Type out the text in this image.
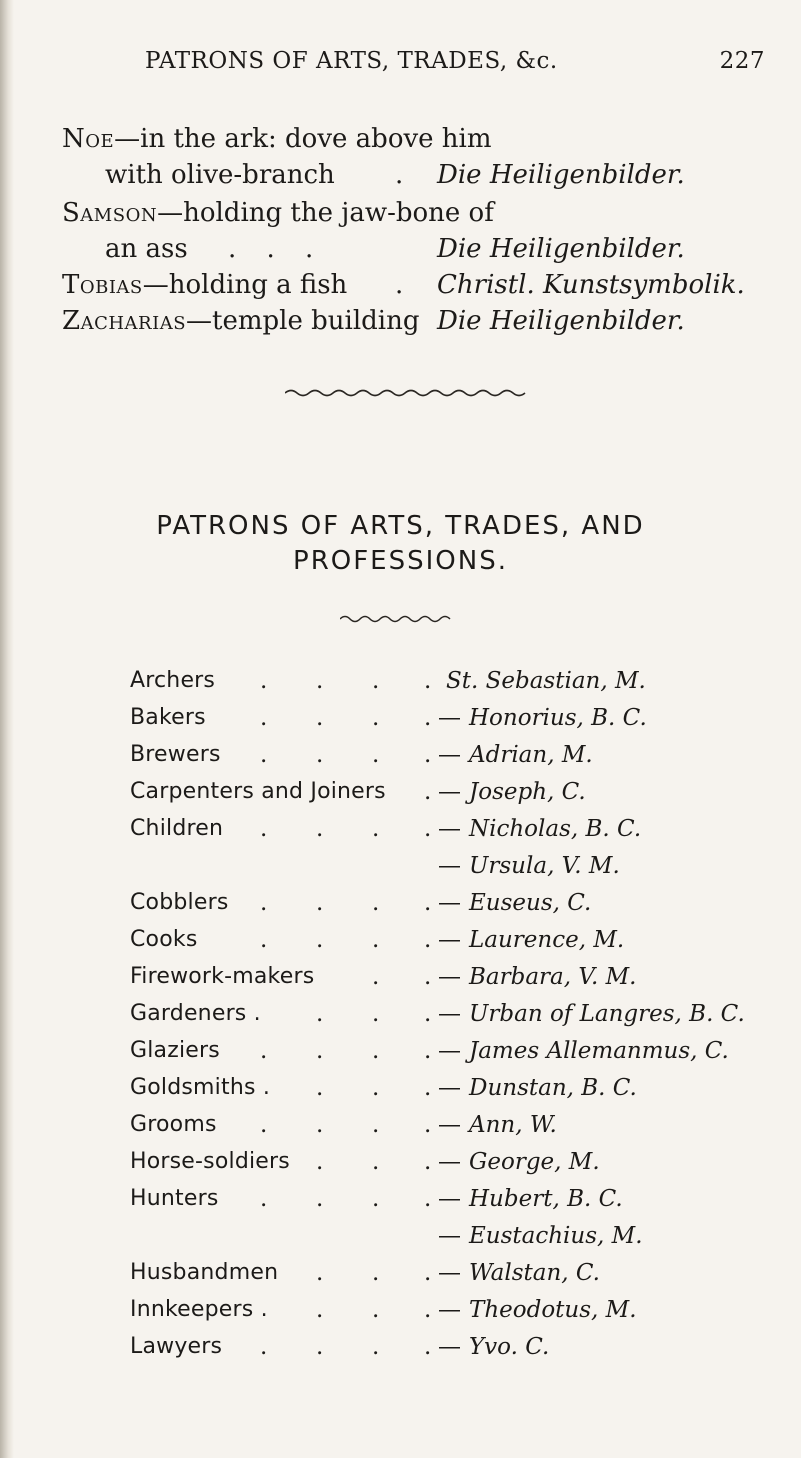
PATRONS OF ARTS, TRADES, &c.	227
Noe—in the ark: dove above him
with olive-branch . Die Heiligenbilder.
Samson—holding the jaw-bone of
an ass . . .	Die Heiligenbilder.
Tobias—holding a fish . Christl. Kunstsymbolik.
Zacharias—temple building Die Heiligenbilder.
PATRONS OF ARTS, TRADES, AND
PROFESSIONS.
Archers . . . . St. Sebastian, M.
Bakers . . . . — Honorius, B. C.
Brewers . . . . — Adrian, M.
Carpenters and Joiners . — Joseph, C.
Children . . . . — Nicholas, B. C.
— Ursula, V. M.
Cobblers . . . . — Euseus, C.
Cooks	. . . . — Laurence, M.
Firework-makers	. . — Barbara, V. M.
Gardeners . . . . — Urban of Langres, B. C.
Glaziers . . . . — James Allemanmus, C.
Goldsmiths . . . . — Dunstan, B. C.
Grooms . . . . — Ann, W.
Horse-soldiers . . . — George, M.
Hunters . . . . — Hubert, B. C.
— Eustachius, M.
Husbandmen . . . — Walstan, C.
Innkeepers . . . . — Theodotus, M.
Lawyers . . . . — Yvo. C.
